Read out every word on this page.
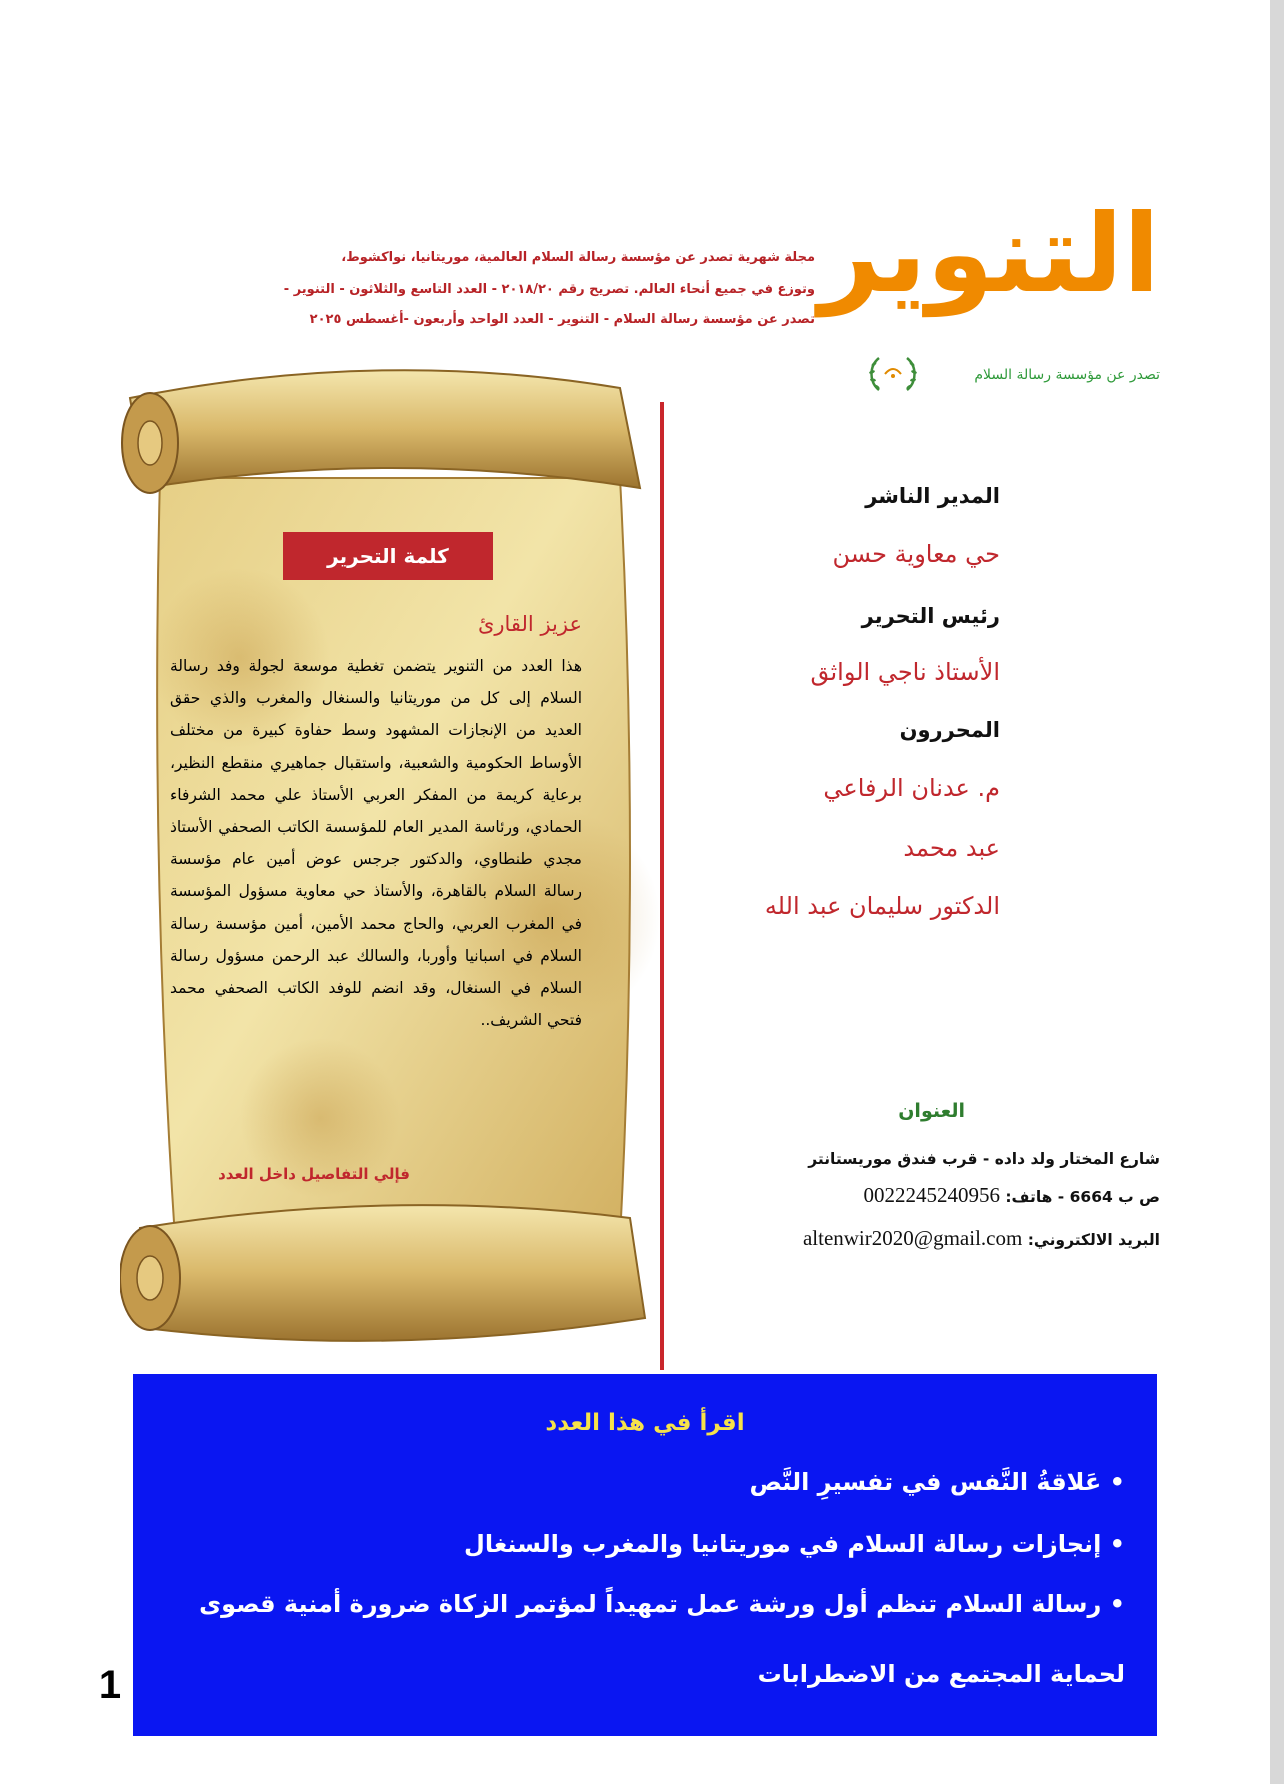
التنوير
تصدر عن مؤسسة رسالة السلام
مجلة شهرية تصدر عن مؤسسة رسالة السلام العالمية، موريتانيا، نواكشوط،
وتوزع في جميع أنحاء العالم. تصريح رقم ٢٠١٨/٢٠ - العدد التاسع والثلاثون - التنوير -
تصدر عن مؤسسة رسالة السلام - التنوير - العدد الواحد وأربعون -أغسطس ٢٠٢٥
كلمة التحرير
عزيز القارئ
هذا العدد من التنوير يتضمن تغطية موسعة لجولة وفد رسالة السلام إلى كل من موريتانيا والسنغال والمغرب والذي حقق العديد من الإنجازات المشهود وسط حفاوة كبيرة من مختلف الأوساط الحكومية والشعبية، واستقبال جماهيري منقطع النظير، برعاية كريمة من المفكر العربي الأستاذ علي محمد الشرفاء الحمادي، ورئاسة المدير العام للمؤسسة الكاتب الصحفي الأستاذ مجدي طنطاوي، والدكتور جرجس عوض أمين عام مؤسسة رسالة السلام بالقاهرة، والأستاذ حي معاوية مسؤول المؤسسة في المغرب العربي، والحاج محمد الأمين، أمين مؤسسة رسالة السلام في اسبانيا وأوربا، والسالك عبد الرحمن مسؤول رسالة السلام في السنغال، وقد انضم للوفد الكاتب الصحفي محمد فتحي الشريف..
فإلي التفاصيل داخل العدد
المدير الناشر
حي معاوية حسن
رئيس التحرير
الأستاذ ناجي الواثق
المحررون
م. عدنان الرفاعي
عبد محمد
الدكتور سليمان عبد الله
العنوان
شارع المختار ولد داده - قرب فندق موريستانتر
ص ب 6664 - هاتف: 0022245240956
البريد الالكتروني: altenwir2020@gmail.com
اقرأ في هذا العدد
• عَلاقةُ النَّفس في تفسيرِ النَّص
• إنجازات رسالة السلام في موريتانيا والمغرب والسنغال
• رسالة السلام تنظم أول ورشة عمل تمهيداً لمؤتمر الزكاة ضرورة أمنية قصوى
لحماية المجتمع من الاضطرابات
1
